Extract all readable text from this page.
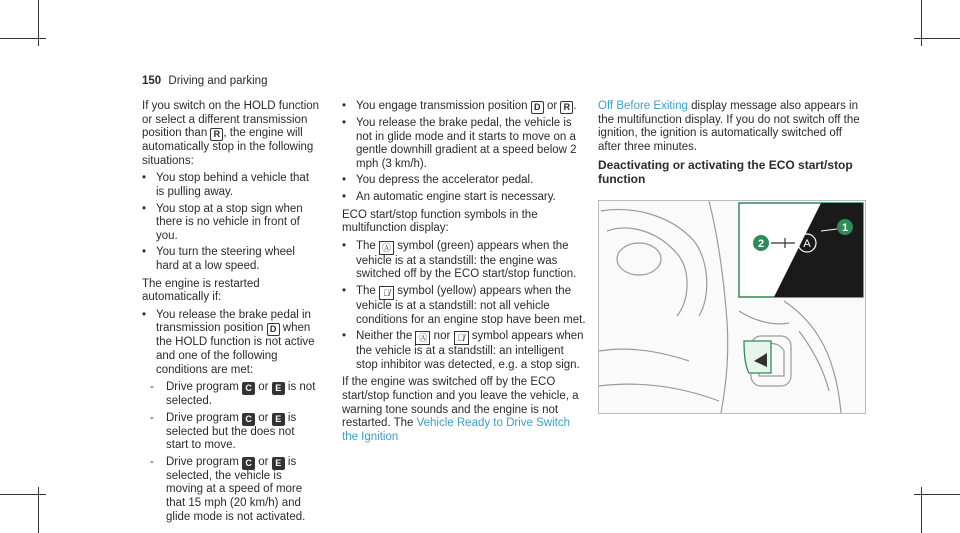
150 Driving and parking

If you switch on the HOLD function or select a different transmission position than R , the engine will automatically stop in the following situations:

• You stop behind a vehicle that is pulling away.
• You stop at a stop sign when there is no vehicle in front of you.
• You turn the steering wheel hard at a low speed.

The engine is restarted automatically if:

• You release the brake pedal in transmission position D when the HOLD function is not active and one of the following conditions are met:
- Drive program C or E is not selected.
- Drive program C or E is selected but the does not start to move.
- Drive program C or E is selected, the vehicle is moving at a speed of more that 15 mph (20 km/h) and glide mode is not activated.
• You engage transmission position D or R .
• You release the brake pedal, the vehicle is not in glide mode and it starts to move on a gentle downhill gradient at a speed below 2 mph (3 km/h).
• You depress the accelerator pedal.
• An automatic engine start is necessary.

ECO start/stop function symbols in the multifunction display:

• The Ⓐ symbol (green) appears when the vehicle is at a standstill: the engine was switched off by the ECO start/stop function.
• The Ⓐ̸ symbol (yellow) appears when the vehicle is at a standstill: not all vehicle conditions for an engine stop have been met.
• Neither the Ⓐ nor Ⓐ̸ symbol appears when the vehicle is at a standstill: an intelligent stop inhibitor was detected, e.g. a stop sign.

If the engine was switched off by the ECO start/stop function and you leave the vehicle, a warning tone sounds and the engine is not restarted. The Vehicle Ready to Drive Switch the Ignition

Off Before Exiting display message also appears in the multifunction display. If you do not switch off the ignition, the ignition is automatically switched off after three minutes.

Deactivating or activating the ECO start/stop function

A
2
1
